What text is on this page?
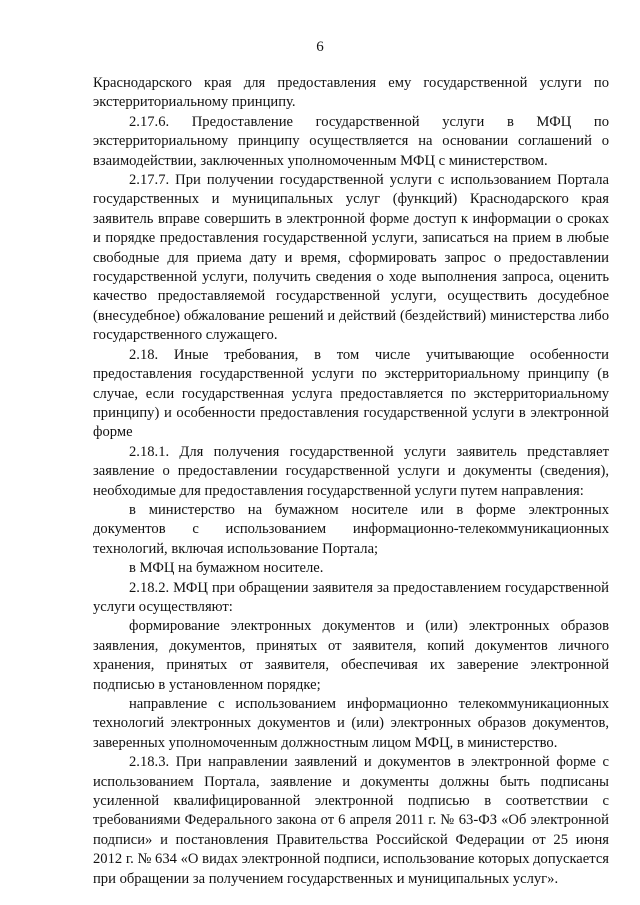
6

Краснодарского края для предоставления ему государственной услуги по экстерриториальному принципу.

2.17.6. Предоставление государственной услуги в МФЦ по экстерриториальному принципу осуществляется на основании соглашений о взаимодействии, заключенных уполномоченным МФЦ с министерством.

2.17.7. При получении государственной услуги с использованием Портала государственных и муниципальных услуг (функций) Краснодарского края заявитель вправе совершить в электронной форме доступ к информации о сроках и порядке предоставления государственной услуги, записаться на прием в любые свободные для приема дату и время, сформировать запрос о предоставлении государственной услуги, получить сведения о ходе выполнения запроса, оценить качество предоставляемой государственной услуги, осуществить досудебное (внесудебное) обжалование решений и действий (бездействий) министерства либо государственного служащего.

2.18. Иные требования, в том числе учитывающие особенности предоставления государственной услуги по экстерриториальному принципу (в случае, если государственная услуга предоставляется по экстерриториальному принципу) и особенности предоставления государственной услуги в электронной форме

2.18.1. Для получения государственной услуги заявитель представляет заявление о предоставлении государственной услуги и документы (сведения), необходимые для предоставления государственной услуги путем направления:

в министерство на бумажном носителе или в форме электронных документов с использованием информационно-телекоммуникационных технологий, включая использование Портала;

в МФЦ на бумажном носителе.

2.18.2. МФЦ при обращении заявителя за предоставлением государственной услуги осуществляют:

формирование электронных документов и (или) электронных образов заявления, документов, принятых от заявителя, копий документов личного хранения, принятых от заявителя, обеспечивая их заверение электронной подписью в установленном порядке;

направление с использованием информационно телекоммуникационных технологий электронных документов и (или) электронных образов документов, заверенных уполномоченным должностным лицом МФЦ, в министерство.

2.18.3. При направлении заявлений и документов в электронной форме с использованием Портала, заявление и документы должны быть подписаны усиленной квалифицированной электронной подписью в соответствии с требованиями Федерального закона от 6 апреля 2011 г. № 63-ФЗ «Об электронной подписи» и постановления Правительства Российской Федерации от 25 июня 2012 г. № 634 «О видах электронной подписи, использование которых допускается при обращении за получением государственных и муниципальных услуг».
